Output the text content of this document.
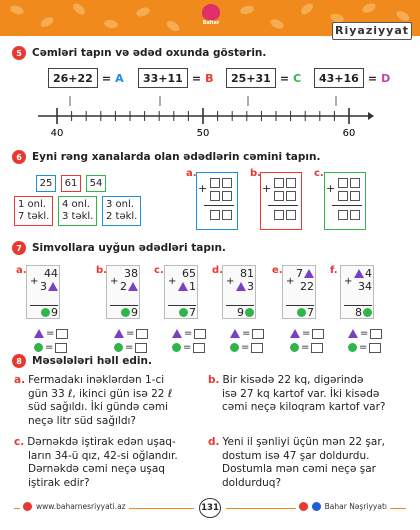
Bahar
Riyaziyyat
5 Cəmləri tapın və ədəd oxunda göstərin.
26+22 = A	33+11 = B	25+31 = C	43+16 = D
40	50	60
6 Eyni rəng xanalarda olan ədədlərin cəmini tapın.
25	61	54
1 onl.
7 təkl.
4 onl.
3 təkl.
3 onl.
2 təkl.
a.
+
b.
+
c.
+
7 Simvollara uyğun ədədləri tapın.
a. 44
+ 3
9
b. 38
+ 2
9
c. 65
+ 1
7
d. 81
+ 3
9
e. 7
+ 22
7
f. 4
+ 34
8
=
=
=
=
=
=
=
=
=
=
=
=
8 Məsələləri həll edin.
a. Fermadakı inəklərdən 1-ci
gün 33 ℓ, ikinci gün isə 22 ℓ
süd sağıldı. İki gündə cəmi
neçə litr süd sağıldı?
b. Bir kisədə 22 kq, digərində
isə 27 kq kartof var. İki kisədə
cəmi neçə kiloqram kartof var?
c. Dərnəkdə iştirak edən uşaq-
ların 34-ü qız, 42-si oğlandır.
Dərnəkdə cəmi neçə uşaq
iştirak edir?
d. Yeni il şənliyi üçün mən 22 şar,
dostum isə 47 şar doldurdu.
Dostumla mən cəmi neçə şar
doldurduq?
www.baharnesriyyati.az	131	Bahar Nəşriyyatı
